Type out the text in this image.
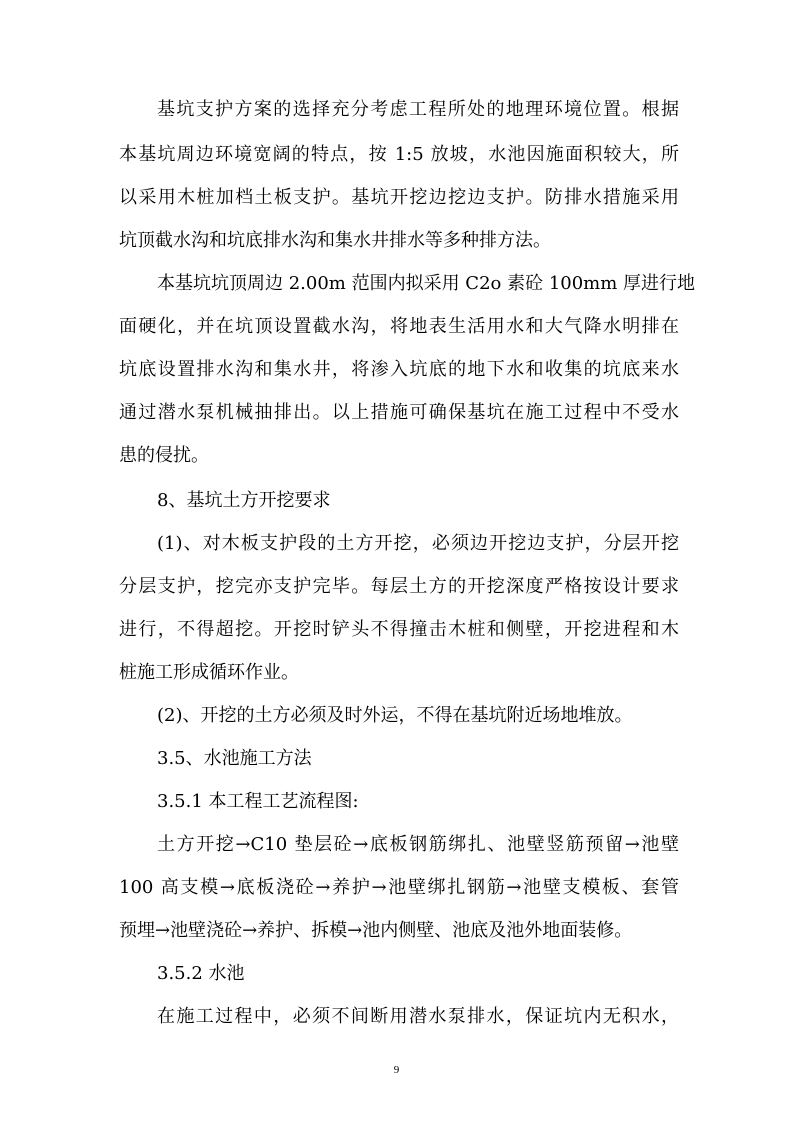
基坑支护方案的选择充分考虑工程所处的地理环境位置。根据
本基坑周边环境宽阔的特点，按 1:5 放坡，水池因施面积较大，所
以采用木桩加档土板支护。基坑开挖边挖边支护。防排水措施采用
坑顶截水沟和坑底排水沟和集水井排水等多种排方法。
本基坑坑顶周边 2.00m 范围内拟采用 C2o 素砼 100mm 厚进行地
面硬化，并在坑顶设置截水沟，将地表生活用水和大气降水明排在
坑底设置排水沟和集水井，将渗入坑底的地下水和收集的坑底来水
通过潜水泵机械抽排出。以上措施可确保基坑在施工过程中不受水
患的侵扰。
8、基坑土方开挖要求
(1)、对木板支护段的土方开挖，必须边开挖边支护，分层开挖
分层支护，挖完亦支护完毕。每层土方的开挖深度严格按设计要求
进行，不得超挖。开挖时铲头不得撞击木桩和侧壁，开挖进程和木
桩施工形成循环作业。
(2)、开挖的土方必须及时外运，不得在基坑附近场地堆放。
3.5、水池施工方法
3.5.1 本工程工艺流程图:
土方开挖→C10 垫层砼→底板钢筋绑扎、池壁竖筋预留→池壁
100 高支模→底板浇砼→养护→池壁绑扎钢筋→池壁支模板、套管
预埋→池壁浇砼→养护、拆模→池内侧壁、池底及池外地面装修。
3.5.2 水池
在施工过程中，必须不间断用潜水泵排水，保证坑内无积水，
9
